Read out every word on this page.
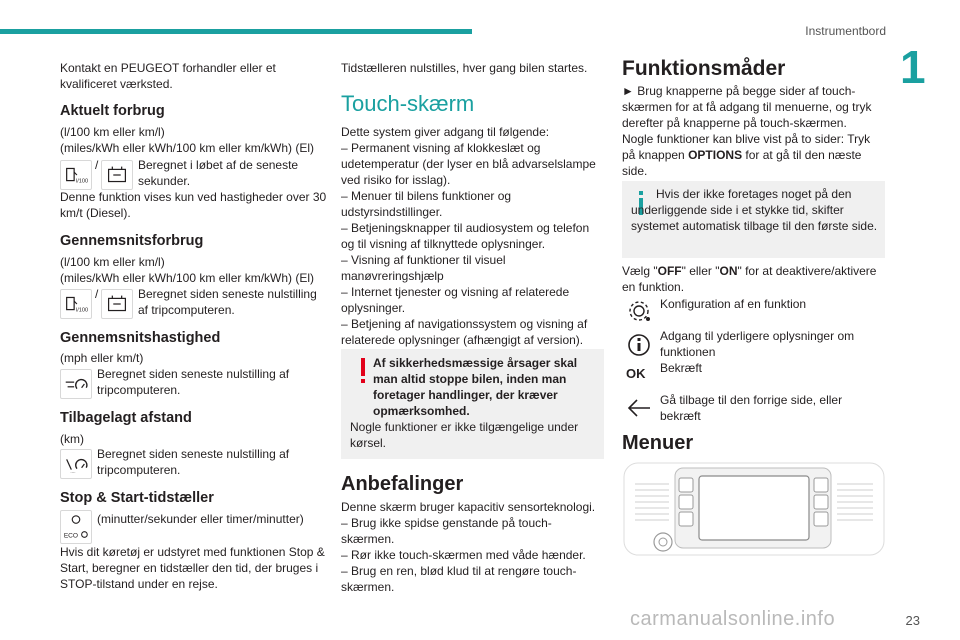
Instrumentbord
1
Kontakt en PEUGEOT forhandler eller et kvalificeret værksted.
Aktuelt forbrug
(l/100 km eller km/l)
(miles/kWh eller kWh/100 km eller km/kWh) (El)
l/100
/	Beregnet i løbet af de seneste sekunder.
Denne funktion vises kun ved hastigheder over 30 km/t (Diesel).
Gennemsnitsforbrug
(l/100 km eller km/l)
(miles/kWh eller kWh/100 km eller km/kWh) (El)
l/100
/	Beregnet siden seneste nulstilling af tripcomputeren.
Gennemsnitshastighed
(mph eller km/t)
Beregnet siden seneste nulstilling af tripcomputeren.
Tilbagelagt afstand
(km)
....
Beregnet siden seneste nulstilling af tripcomputeren.
Stop & Start-tidstæller
ECO
(minutter/sekunder eller timer/minutter)
Hvis dit køretøj er udstyret med funktionen Stop & Start, beregner en tidstæller den tid, der bruges i STOP-tilstand under en rejse.
Tidstælleren nulstilles, hver gang bilen startes.
Touch-skærm
Dette system giver adgang til følgende:
– Permanent visning af klokkeslæt og udetemperatur (der lyser en blå advarselslampe ved risiko for isslag).
– Menuer til bilens funktioner og udstyrsindstillinger.
– Betjeningsknapper til audiosystem og telefon og til visning af tilknyttede oplysninger.
– Visning af funktioner til visuel manøvreringshjælp
– Internet tjenester og visning af relaterede oplysninger.
– Betjening af navigationssystem og visning af relaterede oplysninger (afhængigt af version).
Af sikkerhedsmæssige årsager skal man altid stoppe bilen, inden man foretager handlinger, der kræver opmærksomhed.
Nogle funktioner er ikke tilgængelige under kørsel.
Anbefalinger
Denne skærm bruger kapacitiv sensorteknologi.
– Brug ikke spidse genstande på touch-skærmen.
– Rør ikke touch-skærmen med våde hænder.
– Brug en ren, blød klud til at rengøre touch-skærmen.
Funktionsmåder
► Brug knapperne på begge sider af touch-skærmen for at få adgang til menuerne, og tryk derefter på knapperne på touch-skærmen.
Nogle funktioner kan blive vist på to sider: Tryk på knappen OPTIONS for at gå til den næste side.
Hvis der ikke foretages noget på den underliggende side i et stykke tid, skifter systemet automatisk tilbage til den første side.
Vælg "OFF" eller "ON" for at deaktivere/aktivere en funktion.
Konfiguration af en funktion
Adgang til yderligere oplysninger om funktionen
OK Bekræft
Gå tilbage til den forrige side, eller bekræft
Menuer
carmanualsonline.info	23
